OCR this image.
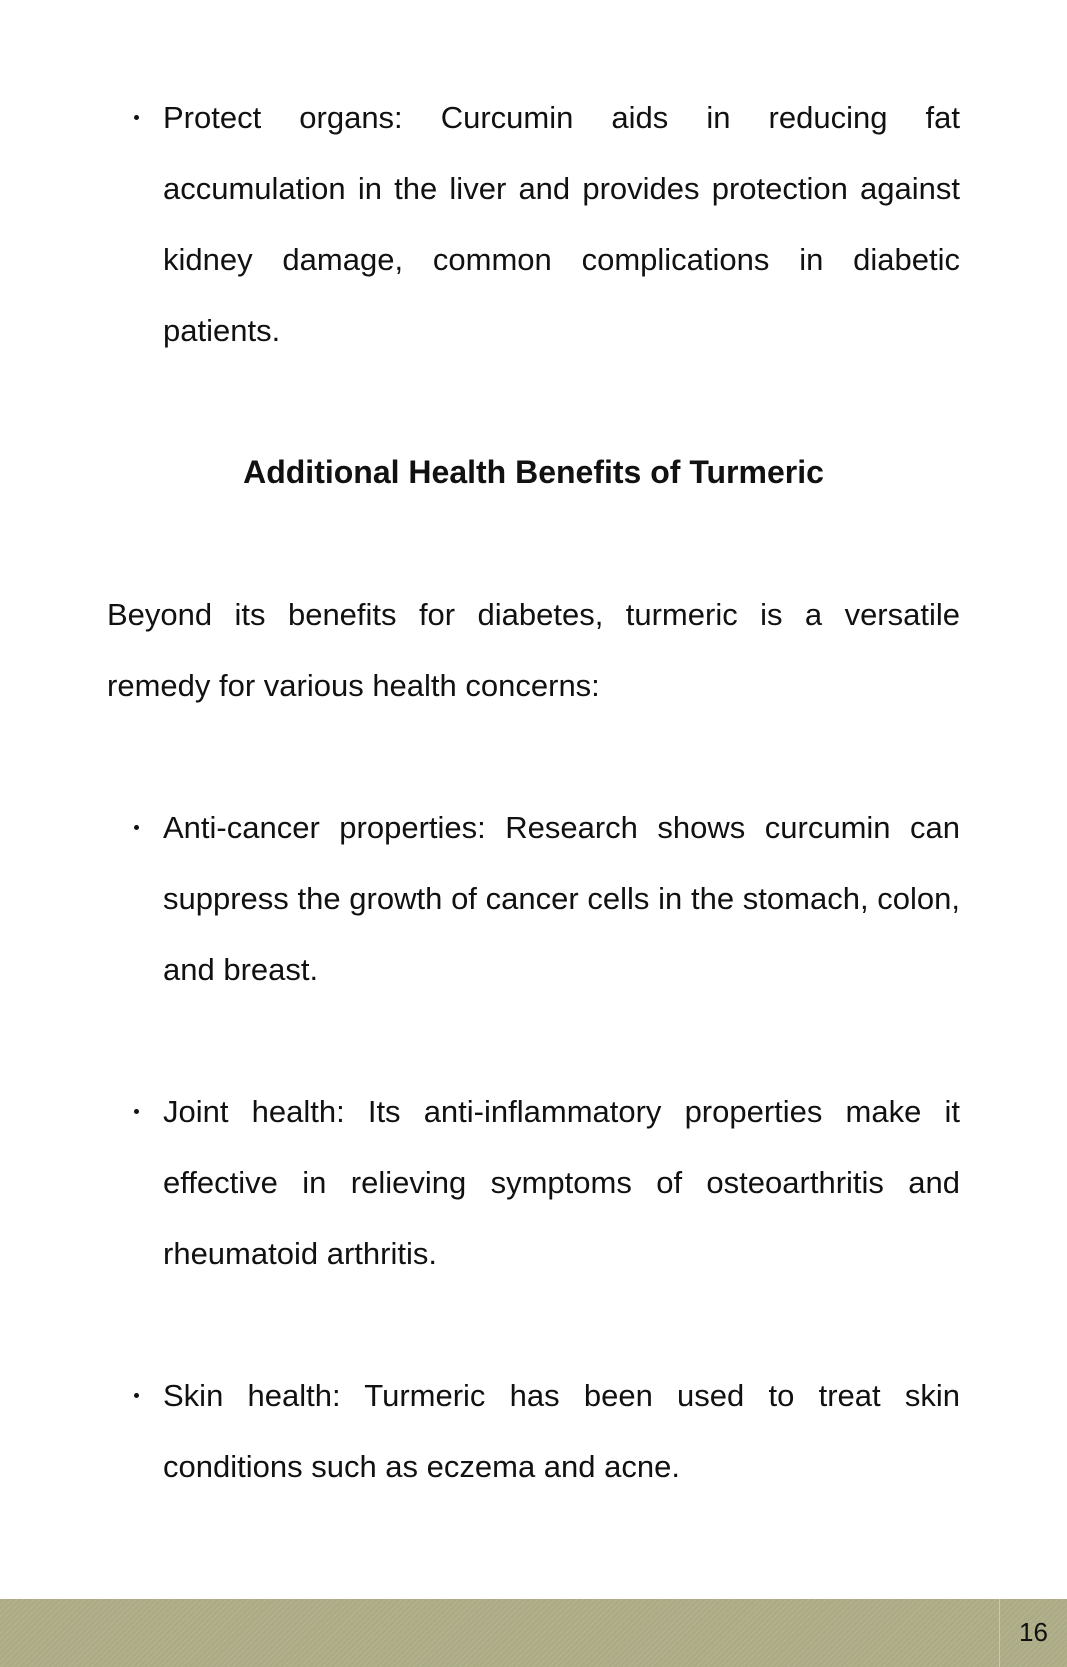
Protect organs: Curcumin aids in reducing fat accumulation in the liver and provides protection against kidney damage, common complications in diabetic patients.

Additional Health Benefits of Turmeric

Beyond its benefits for diabetes, turmeric is a versatile remedy for various health concerns:

Anti-cancer properties: Research shows curcumin can suppress the growth of cancer cells in the stomach, colon, and breast.

Joint health: Its anti-inflammatory properties make it effective in relieving symptoms of osteoarthritis and rheumatoid arthritis.

Skin health: Turmeric has been used to treat skin conditions such as eczema and acne.

16
